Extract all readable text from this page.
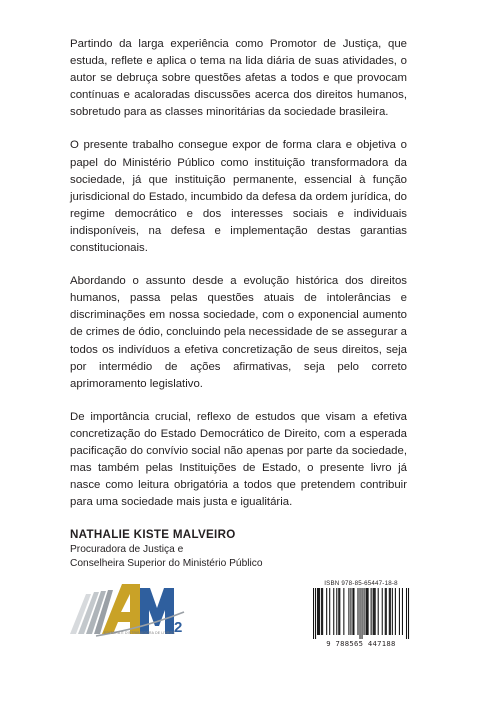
Partindo da larga experiência como Promotor de Justiça, que estuda, reflete e aplica o tema na lida diária de suas atividades, o autor se debruça sobre questões afetas a todos e que provocam contínuas e acaloradas discussões acerca dos direitos humanos, sobretudo para as classes minoritárias da sociedade brasileira.

O presente trabalho consegue expor de forma clara e objetiva o papel do Ministério Público como instituição transformadora da sociedade, já que instituição permanente, essencial à função jurisdicional do Estado, incumbido da defesa da ordem jurídica, do regime democrático e dos interesses sociais e individuais indisponíveis, na defesa e implementação destas garantias constitucionais.

Abordando o assunto desde a evolução histórica dos direitos humanos, passa pelas questões atuais de intolerâncias e discriminações em nossa sociedade, com o exponencial aumento de crimes de ódio, concluindo pela necessidade de se assegurar a todos os indivíduos a efetiva concretização de seus direitos, seja por intermédio de ações afirmativas, seja pelo correto aprimoramento legislativo.

De importância crucial, reflexo de estudos que visam a efetiva concretização do Estado Democrático de Direito, com a esperada pacificação do convívio social não apenas por parte da sociedade, mas também pelas Instituições de Estado, o presente livro já nasce como leitura obrigatória a todos que pretendem contribuir para uma sociedade mais justa e igualitária.

NATHALIE KISTE MALVEIRO

Procuradora de Justiça e

Conselheira Superior do Ministério Público

2
EDITORA E DISTRIBUIDORA DE LIVROS

ISBN 978-85-65447-18-8

9 788565 447188
